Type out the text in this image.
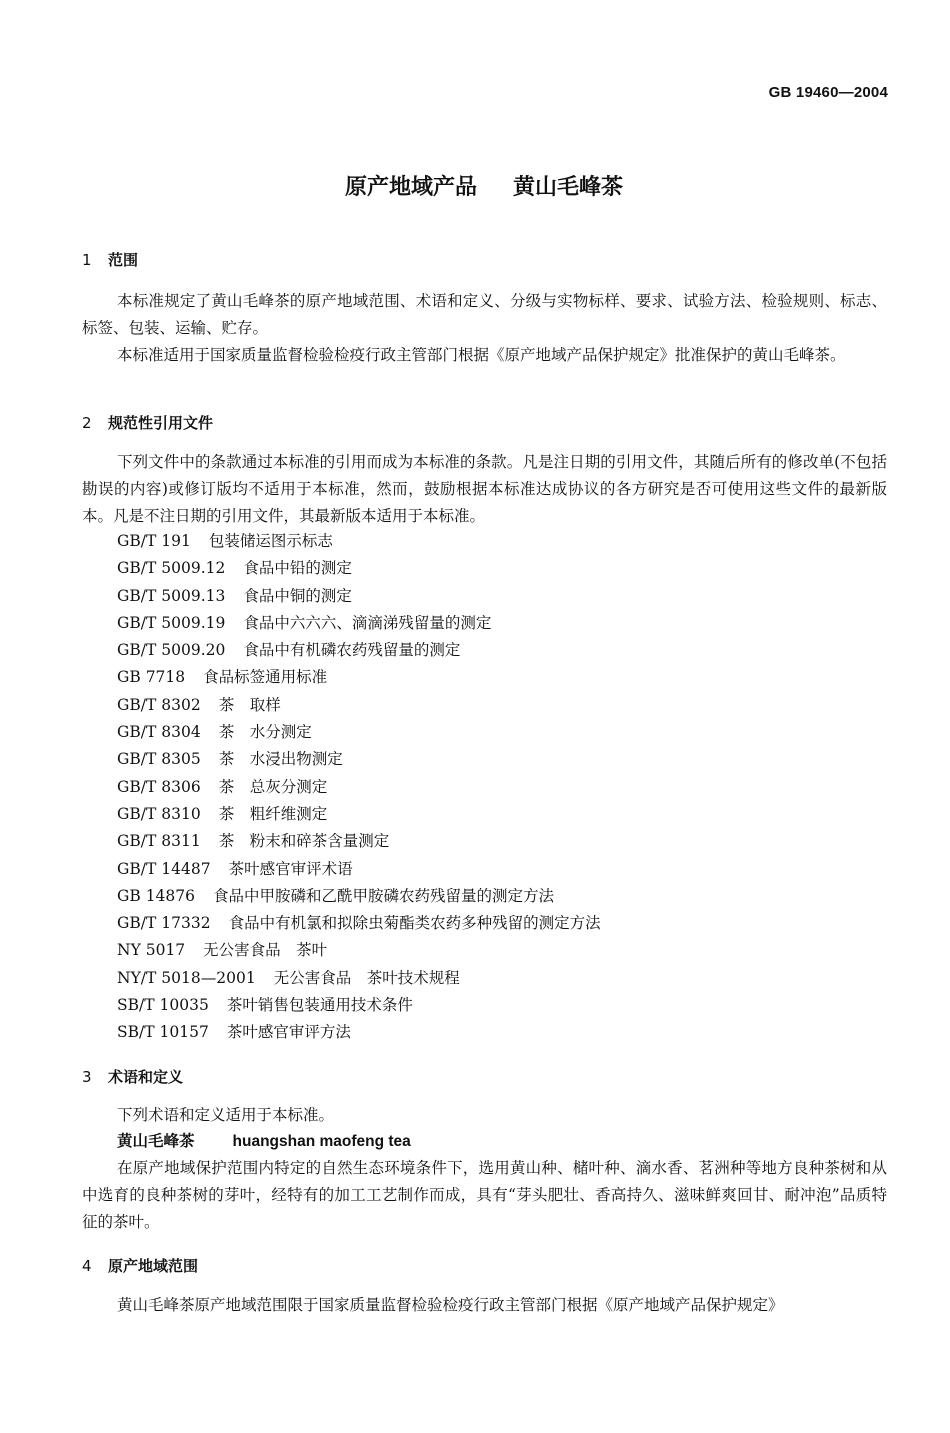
GB 19460—2004
原产地域产品 黄山毛峰茶
1 范围
本标准规定了黄山毛峰茶的原产地域范围、术语和定义、分级与实物标样、要求、试验方法、检验规则、标志、标签、包装、运输、贮存。
本标准适用于国家质量监督检验检疫行政主管部门根据《原产地域产品保护规定》批准保护的黄山毛峰茶。
2 规范性引用文件
下列文件中的条款通过本标准的引用而成为本标准的条款。凡是注日期的引用文件，其随后所有的修改单(不包括勘误的内容)或修订版均不适用于本标准，然而，鼓励根据本标准达成协议的各方研究是否可使用这些文件的最新版本。凡是不注日期的引用文件，其最新版本适用于本标准。
GB/T 191 包装储运图示标志
GB/T 5009.12 食品中铅的测定
GB/T 5009.13 食品中铜的测定
GB/T 5009.19 食品中六六六、滴滴涕残留量的测定
GB/T 5009.20 食品中有机磷农药残留量的测定
GB 7718 食品标签通用标准
GB/T 8302 茶　取样
GB/T 8304 茶　水分测定
GB/T 8305 茶　水浸出物测定
GB/T 8306 茶　总灰分测定
GB/T 8310 茶　粗纤维测定
GB/T 8311 茶　粉末和碎茶含量测定
GB/T 14487 茶叶感官审评术语
GB 14876 食品中甲胺磷和乙酰甲胺磷农药残留量的测定方法
GB/T 17332 食品中有机氯和拟除虫菊酯类农药多种残留的测定方法
NY 5017 无公害食品　茶叶
NY/T 5018—2001 无公害食品　茶叶技术规程
SB/T 10035 茶叶销售包装通用技术条件
SB/T 10157 茶叶感官审评方法
3 术语和定义
下列术语和定义适用于本标准。
黄山毛峰茶 huangshan maofeng tea
在原产地域保护范围内特定的自然生态环境条件下，选用黄山种、槠叶种、滴水香、茗洲种等地方良种茶树和从中选育的良种茶树的芽叶，经特有的加工工艺制作而成，具有“芽头肥壮、香高持久、滋味鲜爽回甘、耐冲泡”品质特征的茶叶。
4 原产地域范围
黄山毛峰茶原产地域范围限于国家质量监督检验检疫行政主管部门根据《原产地域产品保护规定》
